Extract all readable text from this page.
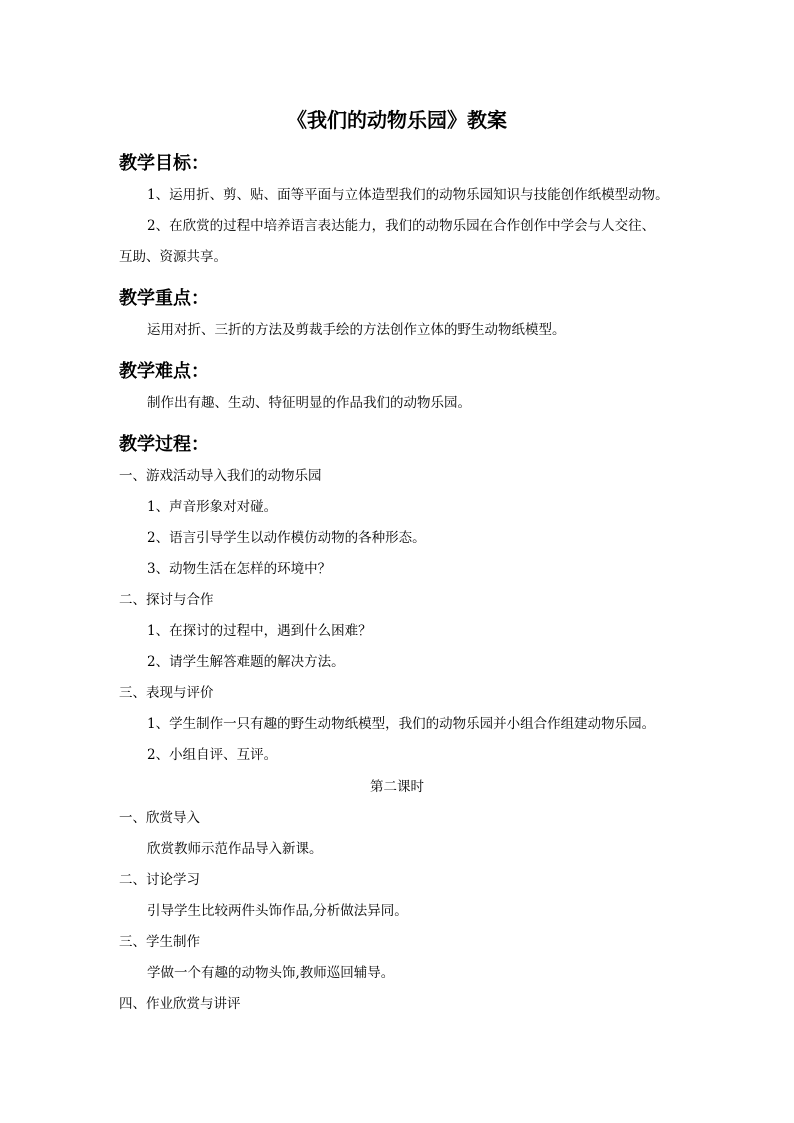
《我们的动物乐园》教案
教学目标：
1、运用折、剪、贴、面等平面与立体造型我们的动物乐园知识与技能创作纸模型动物。
2、在欣赏的过程中培养语言表达能力，我们的动物乐园在合作创作中学会与人交往、
互助、资源共享。
教学重点：
运用对折、三折的方法及剪裁手绘的方法创作立体的野生动物纸模型。
教学难点：
制作出有趣、生动、特征明显的作品我们的动物乐园。
教学过程：
一、游戏活动导入我们的动物乐园
1、声音形象对对碰。
2、语言引导学生以动作模仿动物的各种形态。
3、动物生活在怎样的环境中？
二、探讨与合作
1、在探讨的过程中，遇到什么困难？
2、请学生解答难题的解决方法。
三、表现与评价
1、学生制作一只有趣的野生动物纸模型，我们的动物乐园并小组合作组建动物乐园。
2、小组自评、互评。
第二课时
一、欣赏导入
欣赏教师示范作品导入新课。
二、讨论学习
引导学生比较两件头饰作品,分析做法异同。
三、学生制作
学做一个有趣的动物头饰,教师巡回辅导。
四、作业欣赏与讲评
